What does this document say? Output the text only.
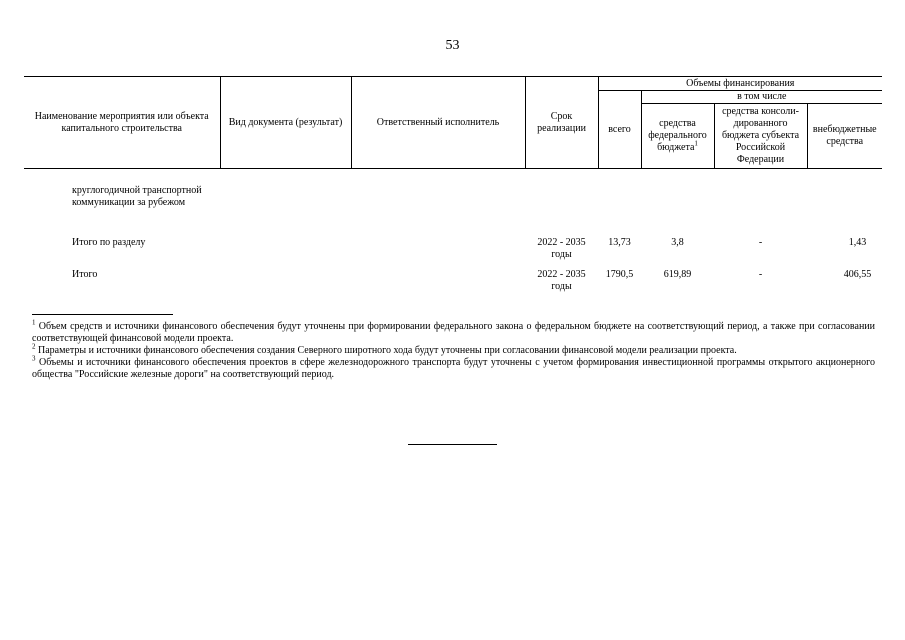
53
Наименование мероприятия или объекта капитального строительства	Вид документа (результат)	Ответственный исполнитель	Срок реализации	Объемы финансирования			
				всего	в том числе		
					средства федерального бюджета$^1$	средства консоли-дированного бюджета субъекта Российской Федерации	внебюджетные средства

круглогодичной транспортной коммуникации за рубежом							
Итого по разделу			2022 - 2035 годы	13,73	3,8	-	1,43
Итого			2022 - 2035 годы	1790,5	619,89	-	406,55

$^1$ Объем средств и источники финансового обеспечения будут уточнены при формировании федерального закона о федеральном бюджете на соответствующий период, а также при согласовании соответствующей финансовой модели проекта.

$^2$ Параметры и источники финансового обеспечения создания Северного широтного хода будут уточнены при согласовании финансовой модели реализации проекта.

$^3$ Объемы и источники финансового обеспечения проектов в сфере железнодорожного транспорта будут уточнены с учетом формирования инвестиционной программы открытого акционерного общества "Российские железные дороги" на соответствующий период.
